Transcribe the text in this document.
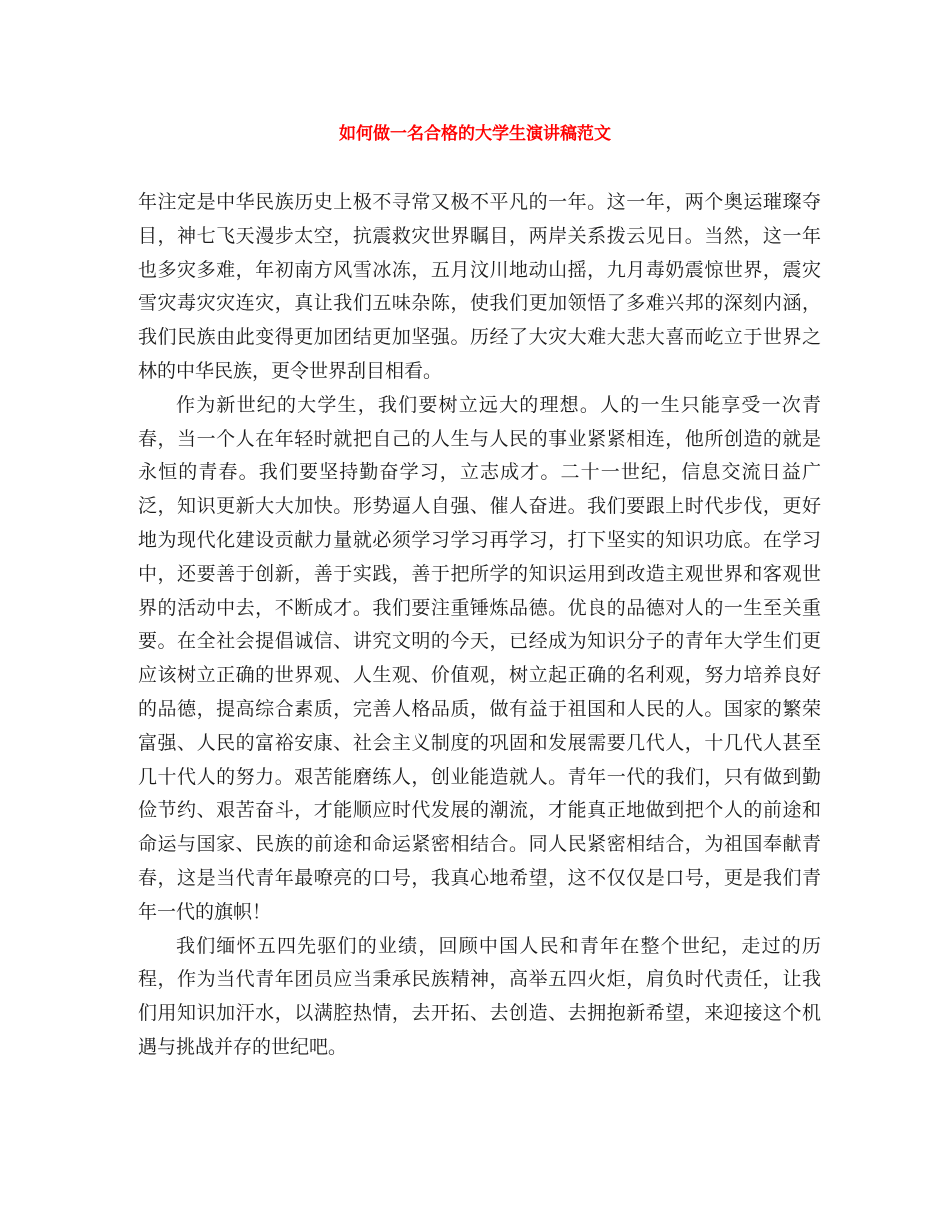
如何做一名合格的大学生演讲稿范文

年注定是中华民族历史上极不寻常又极不平凡的一年。这一年，两个奥运璀璨夺目，神七飞天漫步太空，抗震救灾世界瞩目，两岸关系拨云见日。当然，这一年也多灾多难，年初南方风雪冰冻，五月汶川地动山摇，九月毒奶震惊世界，震灾雪灾毒灾灾连灾，真让我们五味杂陈，使我们更加领悟了多难兴邦的深刻内涵，我们民族由此变得更加团结更加坚强。历经了大灾大难大悲大喜而屹立于世界之林的中华民族，更令世界刮目相看。

作为新世纪的大学生，我们要树立远大的理想。人的一生只能享受一次青春，当一个人在年轻时就把自己的人生与人民的事业紧紧相连，他所创造的就是永恒的青春。我们要坚持勤奋学习，立志成才。二十一世纪，信息交流日益广泛，知识更新大大加快。形势逼人自强、催人奋进。我们要跟上时代步伐，更好地为现代化建设贡献力量就必须学习学习再学习，打下坚实的知识功底。在学习中，还要善于创新，善于实践，善于把所学的知识运用到改造主观世界和客观世界的活动中去，不断成才。我们要注重锤炼品德。优良的品德对人的一生至关重要。在全社会提倡诚信、讲究文明的今天，已经成为知识分子的青年大学生们更应该树立正确的世界观、人生观、价值观，树立起正确的名利观，努力培养良好的品德，提高综合素质，完善人格品质，做有益于祖国和人民的人。国家的繁荣富强、人民的富裕安康、社会主义制度的巩固和发展需要几代人，十几代人甚至几十代人的努力。艰苦能磨练人，创业能造就人。青年一代的我们，只有做到勤俭节约、艰苦奋斗，才能顺应时代发展的潮流，才能真正地做到把个人的前途和命运与国家、民族的前途和命运紧密相结合。同人民紧密相结合，为祖国奉献青春，这是当代青年最嘹亮的口号，我真心地希望，这不仅仅是口号，更是我们青年一代的旗帜！

我们缅怀五四先驱们的业绩，回顾中国人民和青年在整个世纪，走过的历程，作为当代青年团员应当秉承民族精神，高举五四火炬，肩负时代责任，让我们用知识加汗水，以满腔热情，去开拓、去创造、去拥抱新希望，来迎接这个机遇与挑战并存的世纪吧。
